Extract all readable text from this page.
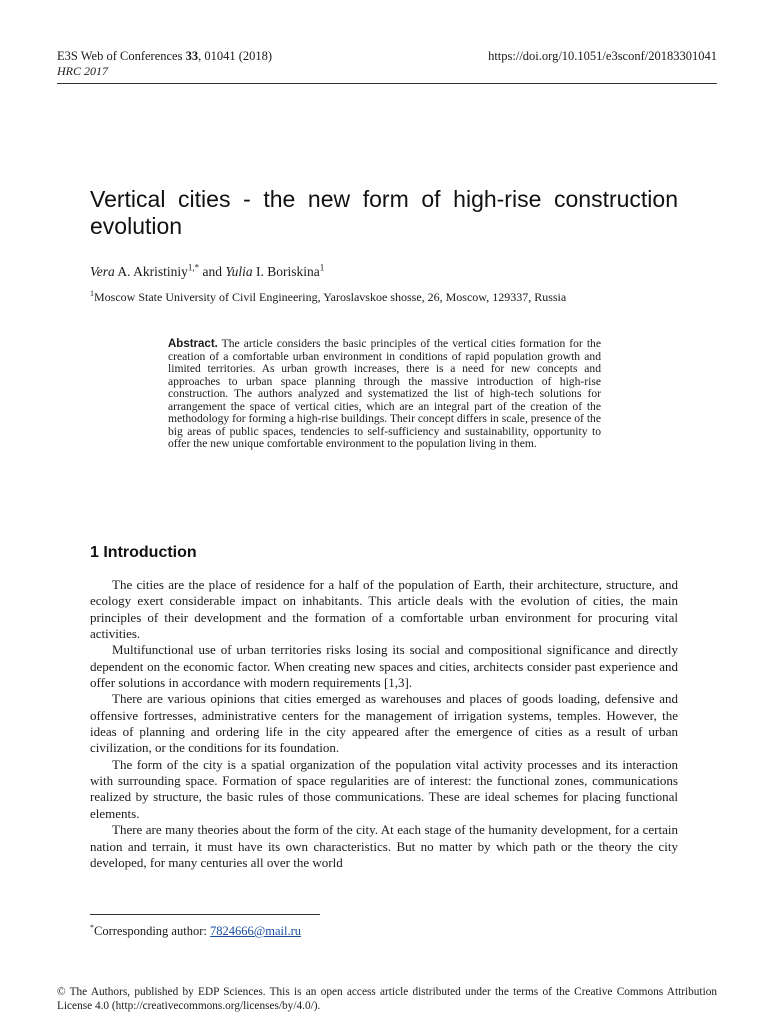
E3S Web of Conferences 33, 01041 (2018)	https://doi.org/10.1051/e3sconf/20183301041
HRC 2017
Vertical cities - the new form of high-rise construction evolution
Vera A. Akristiniy$^{1,*}$ and Yulia I. Boriskina$^1$
$^1$Moscow State University of Civil Engineering, Yaroslavskoe shosse, 26, Moscow, 129337, Russia
Abstract. The article considers the basic principles of the vertical cities formation for the creation of a comfortable urban environment in conditions of rapid population growth and limited territories. As urban growth increases, there is a need for new concepts and approaches to urban space planning through the massive introduction of high-rise construction. The authors analyzed and systematized the list of high-tech solutions for arrangement the space of vertical cities, which are an integral part of the creation of the methodology for forming a high-rise buildings. Their concept differs in scale, presence of the big areas of public spaces, tendencies to self-sufficiency and sustainability, opportunity to offer the new unique comfortable environment to the population living in them.
1 Introduction

The cities are the place of residence for a half of the population of Earth, their architecture, structure, and ecology exert considerable impact on inhabitants. This article deals with the evolution of cities, the main principles of their development and the formation of a comfortable urban environment for procuring vital activities.

Multifunctional use of urban territories risks losing its social and compositional significance and directly dependent on the economic factor. When creating new spaces and cities, architects consider past experience and offer solutions in accordance with modern requirements [1,3].

There are various opinions that cities emerged as warehouses and places of goods loading, defensive and offensive fortresses, administrative centers for the management of irrigation systems, temples. However, the ideas of planning and ordering life in the city appeared after the emergence of cities as a result of urban civilization, or the conditions for its foundation.

The form of the city is a spatial organization of the population vital activity processes and its interaction with surrounding space. Formation of space regularities are of interest: the functional zones, communications realized by structure, the basic rules of those communications. These are ideal schemes for placing functional elements.

There are many theories about the form of the city. At each stage of the humanity development, for a certain nation and terrain, it must have its own characteristics. But no matter by which path or the theory the city developed, for many centuries all over the world

*Corresponding author: 7824666@mail.ru
© The Authors, published by EDP Sciences. This is an open access article distributed under the terms of the Creative Commons Attribution License 4.0 (http://creativecommons.org/licenses/by/4.0/).
